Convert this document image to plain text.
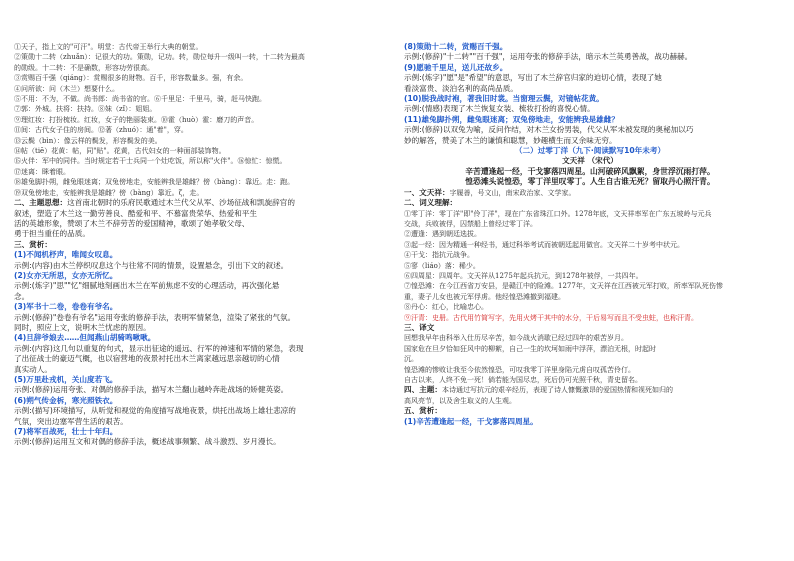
①天子，指上文的"可汗"。明堂：古代帝王举行大典的朝堂。
②策勋十二转（zhuǎn）：记很大的功。策勋，记功。转，勋位每升一级叫一转，十二转为最高
的勋级。十二转：不是确数，形容功劳很高。
③赏赐百千强（qiáng）：赏赐很多的财物。百千，形容数量多。强，有余。
④问所欲：问（木兰）想要什么。
⑤不用：不为，不做。尚书郎：尚书省的官。⑥千里足：千里马，骑，赶马快跑。
⑦郭：外城。扶将：扶持。⑧妹（zǐ）：姐姐。
⑨理红妆：打扮梳妆。红妆，女子的艳丽装束。⑩霍（huò）霍：磨刀的声音。
⑪间：古代女子住的房间。⑫著（zhuó）：通"着"，穿。
⑬云鬓（bìn）：像云样的鬓发，形容鬓发的美。
⑭帖（tiē）花黄：帖，同"贴"。花黄，古代妇女的一种面部装饰物。
⑮火伴：军中的同伴。当时规定若干士兵同一个灶吃饭，所以称"火伴"。⑯惊忙：惊慌。
⑰迷离：眯着眼。
⑱雄兔脚扑朔，雌兔眼迷离；双兔傍地走，安能辨我是雄雌？傍（bàng）：靠近。走：跑。
⑲双兔傍地走，安能辨我是雄雌？傍（bàng）靠近。ζ，走。
二、主题思想：这首南北朝时的乐府民歌通过木兰代父从军、沙场征战和凯旋辞官的
叙述，塑造了木兰这一勤劳善良、酷爱和平、不慕富贵荣华、热爱和平生
活的英雄形象，赞颂了木兰不辞劳苦的爱国精神，歌颂了她孝敬父母、
勇于担当重任的品质。
三、赏析：
(1)不闻机杼声，唯闻女叹息。
示例:(内容)由木兰停织叹息这个与往常不同的情景，设置悬念，引出下文的叙述。
(2)女亦无所思，女亦无所忆。
示例:(炼字)"思""忆"细腻地刻画出木兰在军前焦虑不安的心理活动，再次强化悬
念。
(3)军书十二卷，卷卷有爷名。
示例:(修辞)"卷卷有爷名"运用夸张的修辞手法，表明军情紧急，渲染了紧张的气氛。
同时，照应上文，说明木兰忧虑的原因。
(4)旦辞爷娘去……但闻燕山胡骑鸣啾啾。
示例:(内容)这几句以重复的句式，显示出征途的遥远、行军的神速和军情的紧急，表现
了出征战士的豪迈气概，也以宿营地的夜景衬托出木兰离家越远思亲越切的心情
真实动人。
(5)万里赴戎机，关山度若飞。
示例:(修辞)运用夸张、对偶的修辞手法，描写木兰翻山越岭奔赴战场的矫健英姿。
(6)朔气传金柝，寒光照铁衣。
示例:(描写)环境描写，从听觉和视觉的角度描写战地夜景，烘托出战场上雄壮悲凉的
气氛，突出边塞军营生活的艰苦。
(7)将军百战死，壮士十年归。
示例:(修辞)运用互文和对偶的修辞手法，概述战事频繁、战斗激烈、岁月漫长。
(8)策勋十二转，赏赐百千强。
示例:(修辞)"十二转""百千强"，运用夸张的修辞手法，暗示木兰英勇善战，战功赫赫。
(9)愿驰千里足，送儿还故乡。
示例:(炼字)"愿"是"希望"的意思，写出了木兰辞官归家的迫切心情，表现了她
看淡富贵、淡泊名利的高尚品质。
(10)脱我战时袍，著我旧时裳。当窗理云鬓，对镜帖花黄。
示例:(情感)表现了木兰恢复女装、梳妆打扮的喜悦心情。
(11)雄兔脚扑朔，雌兔眼迷离；双兔傍地走，安能辨我是雄雌？
示例:(修辞)以双兔为喻，反问作结，对木兰女扮男装，代父从军未被发现的奥秘加以巧
妙的解答，赞美了木兰的谦慎和聪慧，妙趣横生而又余味无穷。
（二）过零丁洋（九下·阅读默写10年未考）
文天祥 （宋代）
辛苦遭逢起一经，干戈寥落四周星。山河破碎风飘絮，身世浮沉雨打萍。
惶恐滩头说惶恐，零丁洋里叹零丁。人生自古谁无死？留取丹心照汗青。
一、文天祥：字履善，号文山，南宋政治家、文学家。
二、词义理解：
①零丁洋：零丁洋"即"伶丁洋"，现在广东省珠江口外。1278年底，文天祥率军在广东五坡岭与元兵
交战，兵败被俘，囚禁船上曾经过零丁洋。
②遭逢：遇到朝廷选拔。
③起一经：因为精通一种经书，通过科举考试而被朝廷起用做官。文天祥二十岁考中状元。
④干戈：指抗元战争。
⑤寥（liáo）落：稀少。
⑥四周星：四周年。文天祥从1275年起兵抗元，到1278年被俘，一共四年。
⑦惶恐滩：在今江西省万安县，是赣江中的险滩。1277年，文天祥在江西被元军打败，所率军队死伤惨
重，妻子儿女也被元军俘虏。他经惶恐滩撤到福建。
⑧丹心：红心，比喻忠心。
⑨汗青：史册。古代用竹简写字，先用火烤干其中的水分，干后易写而且不受虫蛀，也称汗青。
三、译文
回想我早年由科举入仕历尽辛苦，如今战火消歇已经过四年的艰苦岁月。
国家危在旦夕恰如狂风中的柳絮，自己一生的坎坷如雨中浮萍，漂泊无根，时起时
沉。
惶恐滩的惨败让我至今依然惶恐，可叹我零丁洋里身陷元虏自叹孤苦伶仃。
自古以来，人终不免一死！倘若能为国尽忠，死后仍可光照千秋，青史留名。
四、主题：本诗通过写抗元的艰辛经历，表现了诗人慷慨激昂的爱国热情和视死如归的
高风亮节，以及舍生取义的人生观。
五、赏析：
(1)辛苦遭逢起一经，干戈寥落四周星。
